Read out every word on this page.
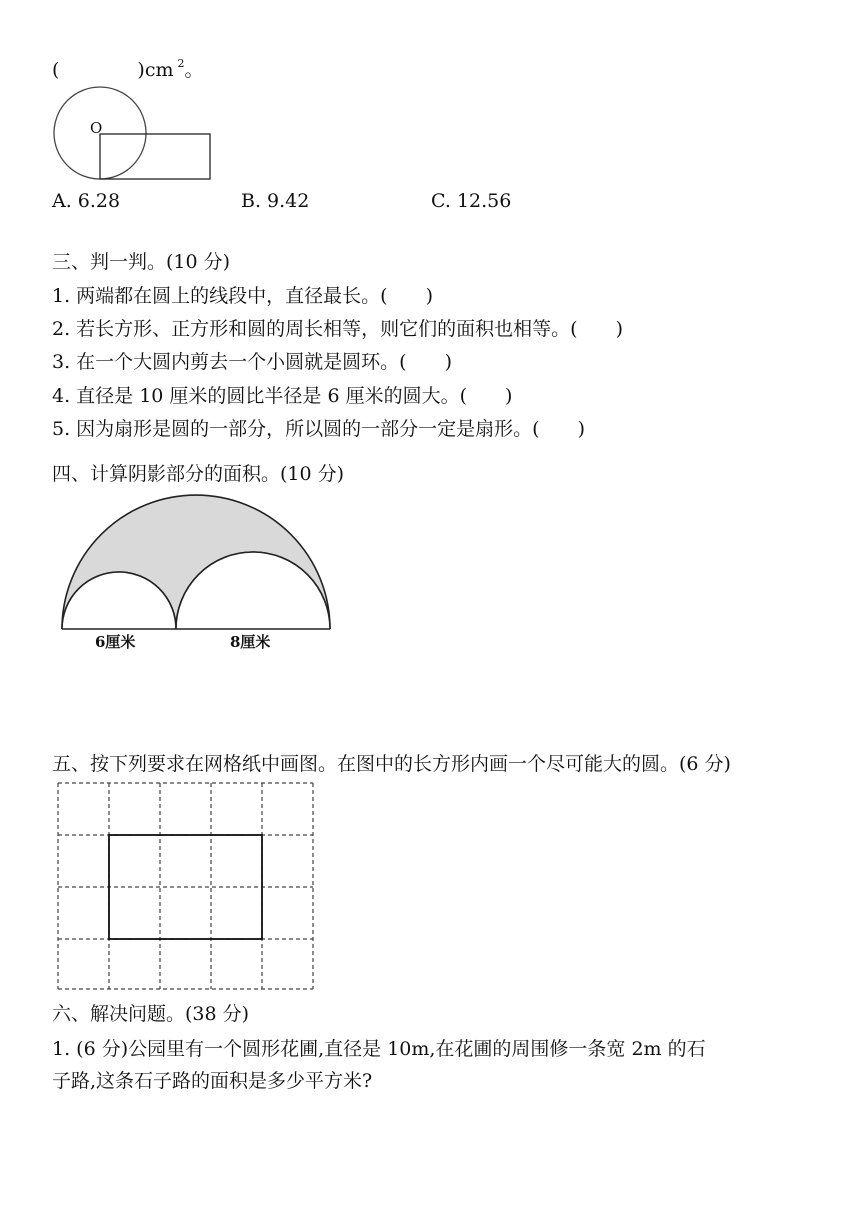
(	)cm $^2$。
O
A. 6.28	B. 9.42	C. 12.56
三、判一判。(10 分)
1. 两端都在圆上的线段中，直径最长。(　　)
2. 若长方形、正方形和圆的周长相等，则它们的面积也相等。(　　)
3. 在一个大圆内剪去一个小圆就是圆环。(　　)
4. 直径是 10 厘米的圆比半径是 6 厘米的圆大。(　　)
5. 因为扇形是圆的一部分，所以圆的一部分一定是扇形。(　　)
四、计算阴影部分的面积。(10 分)
6厘米	8厘米
五、按下列要求在网格纸中画图。在图中的长方形内画一个尽可能大的圆。(6 分)
六、解决问题。(38 分)
1. (6 分)公园里有一个圆形花圃,直径是 10m,在花圃的周围修一条宽 2m 的石
子路,这条石子路的面积是多少平方米?
